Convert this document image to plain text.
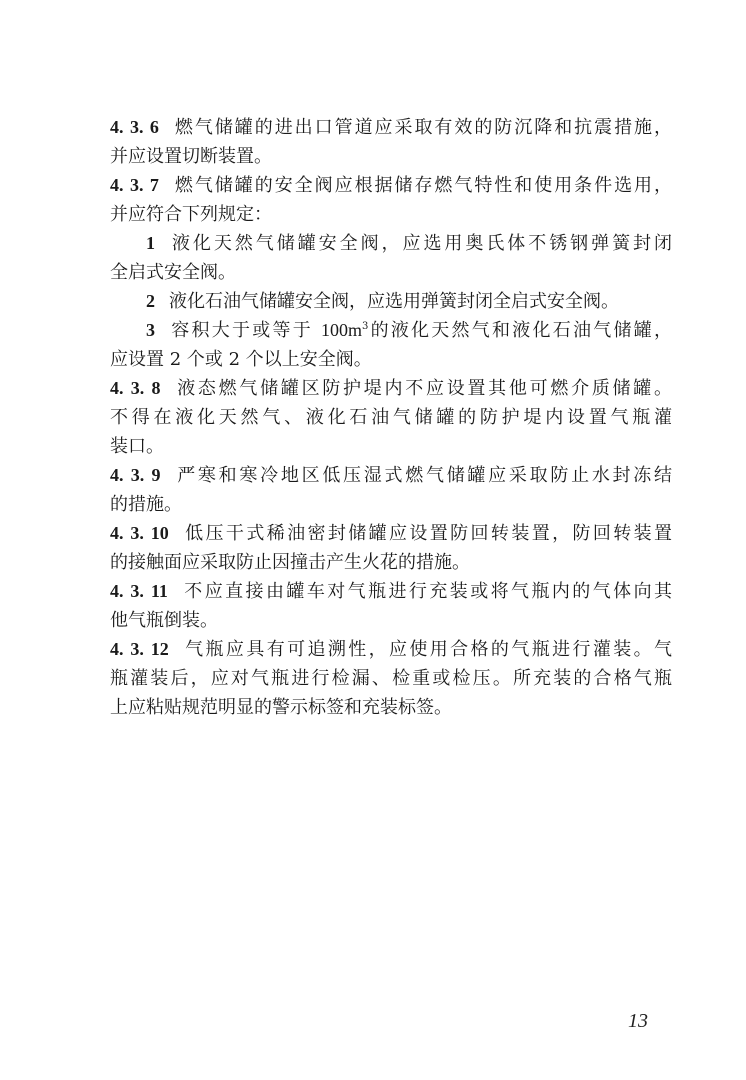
4. 3. 6 燃气储罐的进出口管道应采取有效的防沉降和抗震措施，
并应设置切断装置。
4. 3. 7 燃气储罐的安全阀应根据储存燃气特性和使用条件选用，
并应符合下列规定：
1 液化天然气储罐安全阀，应选用奥氏体不锈钢弹簧封闭
全启式安全阀。
2 液化石油气储罐安全阀，应选用弹簧封闭全启式安全阀。
3 容积大于或等于 $100m^3$的液化天然气和液化石油气储罐，
应设置 2 个或 2 个以上安全阀。
4. 3. 8 液态燃气储罐区防护堤内不应设置其他可燃介质储罐。
不得在液化天然气、液化石油气储罐的防护堤内设置气瓶灌
装口。
4. 3. 9 严寒和寒冷地区低压湿式燃气储罐应采取防止水封冻结
的措施。
4. 3. 10 低压干式稀油密封储罐应设置防回转装置，防回转装置
的接触面应采取防止因撞击产生火花的措施。
4. 3. 11 不应直接由罐车对气瓶进行充装或将气瓶内的气体向其
他气瓶倒装。
4. 3. 12 气瓶应具有可追溯性，应使用合格的气瓶进行灌装。气
瓶灌装后，应对气瓶进行检漏、检重或检压。所充装的合格气瓶
上应粘贴规范明显的警示标签和充装标签。
13
